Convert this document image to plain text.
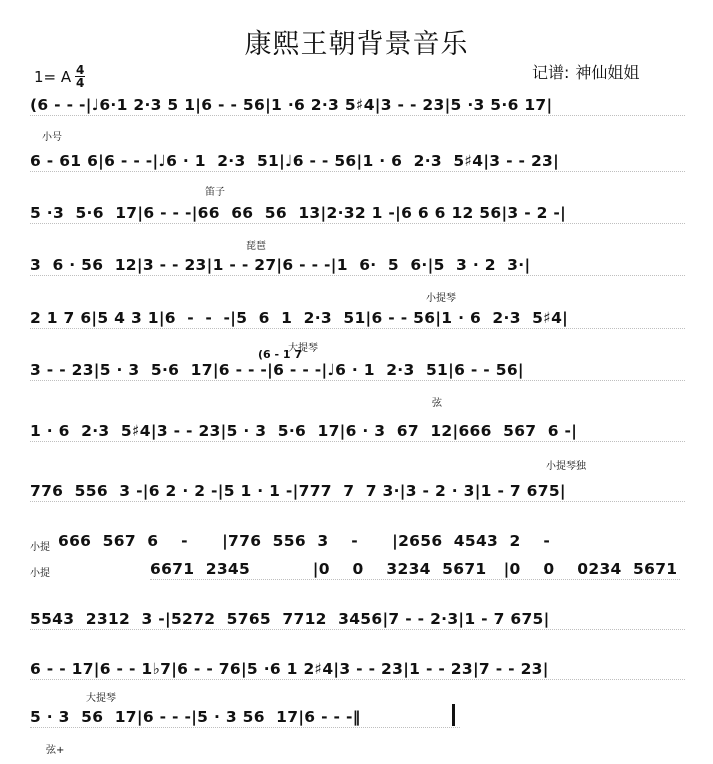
康熙王朝背景音乐
1= A $\frac{4}{4}$	记谱: 神仙姐姐
(6 - - -|♩6·1 2·3 5 1|6 - - 56|1 ·6 2·3 5♯4|3 - - 23|5 ·3 5·6 17|
6 - 61 6|6 - - -|♩6 · 1  2·3  51|♩6 - - 56|1 · 6  2·3  5♯4|3 - - 23|
5 ·3  5·6  17|6 - - -|66  66  56  13|2·32 1 -|6 6 6 12 56|3 - 2 -|
3  6 · 56  12|3 - - 23|1 - - 27|6 - - -|1  6·  5  6·|5  3 · 2  3·|
2 1 7 6|5 4 3 1|6  -  -  -|5  6  1  2·3  51|6 - - 56|1 · 6  2·3  5♯4|
3 - - 23|5 · 3  5·6  17|6 - - -|6 - - -|♩6 · 1  2·3  51|6 - - 56|
1 · 6  2·3  5♯4|3 - - 23|5 · 3  5·6  17|6 · 3  67  12|666  567  6 -|
776  556  3 -|6 2 · 2 -|5 1 · 1 -|777  7  7 3·|3 - 2 · 3|1 - 7 675|
666  567  6    -      |776  556  3    -      |2656  4543  2    -
6671  2345           |0    0    3234  5671   |0    0    0234  5671
5543  2312  3 -|5272  5765  7712  3456|7 - - 2·3|1 - 7 675|
6 - - 17|6 - - 1♭7|6 - - 76|5 ·6 1 2♯4|3 - - 23|1 - - 23|7 - - 23|
5 · 3  56  17|6 - - -|5 · 3 56  17|6 - - -‖
小号
笛子
琵琶
小提琴
大提琴
(6 - 1 7
弦
小提琴独
小提
小提
大提琴
弦+
